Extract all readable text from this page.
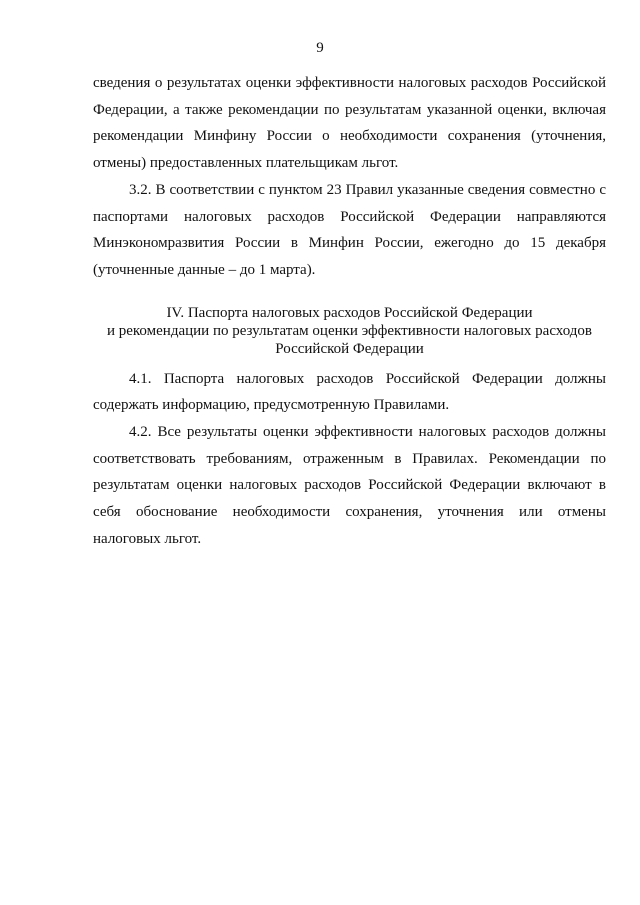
9

сведения о результатах оценки эффективности налоговых расходов Российской Федерации, а также рекомендации по результатам указанной оценки, включая рекомендации Минфину России о необходимости сохранения (уточнения, отмены) предоставленных плательщикам льгот.

3.2. В соответствии с пунктом 23 Правил указанные сведения совместно с паспортами налоговых расходов Российской Федерации направляются Минэкономразвития России в Минфин России, ежегодно до 15 декабря (уточненные данные – до 1 марта).

IV. Паспорта налоговых расходов Российской Федерации
и рекомендации по результатам оценки эффективности налоговых расходов
Российской Федерации

4.1. Паспорта налоговых расходов Российской Федерации должны содержать информацию, предусмотренную Правилами.

4.2. Все результаты оценки эффективности налоговых расходов должны соответствовать требованиям, отраженным в Правилах. Рекомендации по результатам оценки налоговых расходов Российской Федерации включают в себя обоснование необходимости сохранения, уточнения или отмены налоговых льгот.
